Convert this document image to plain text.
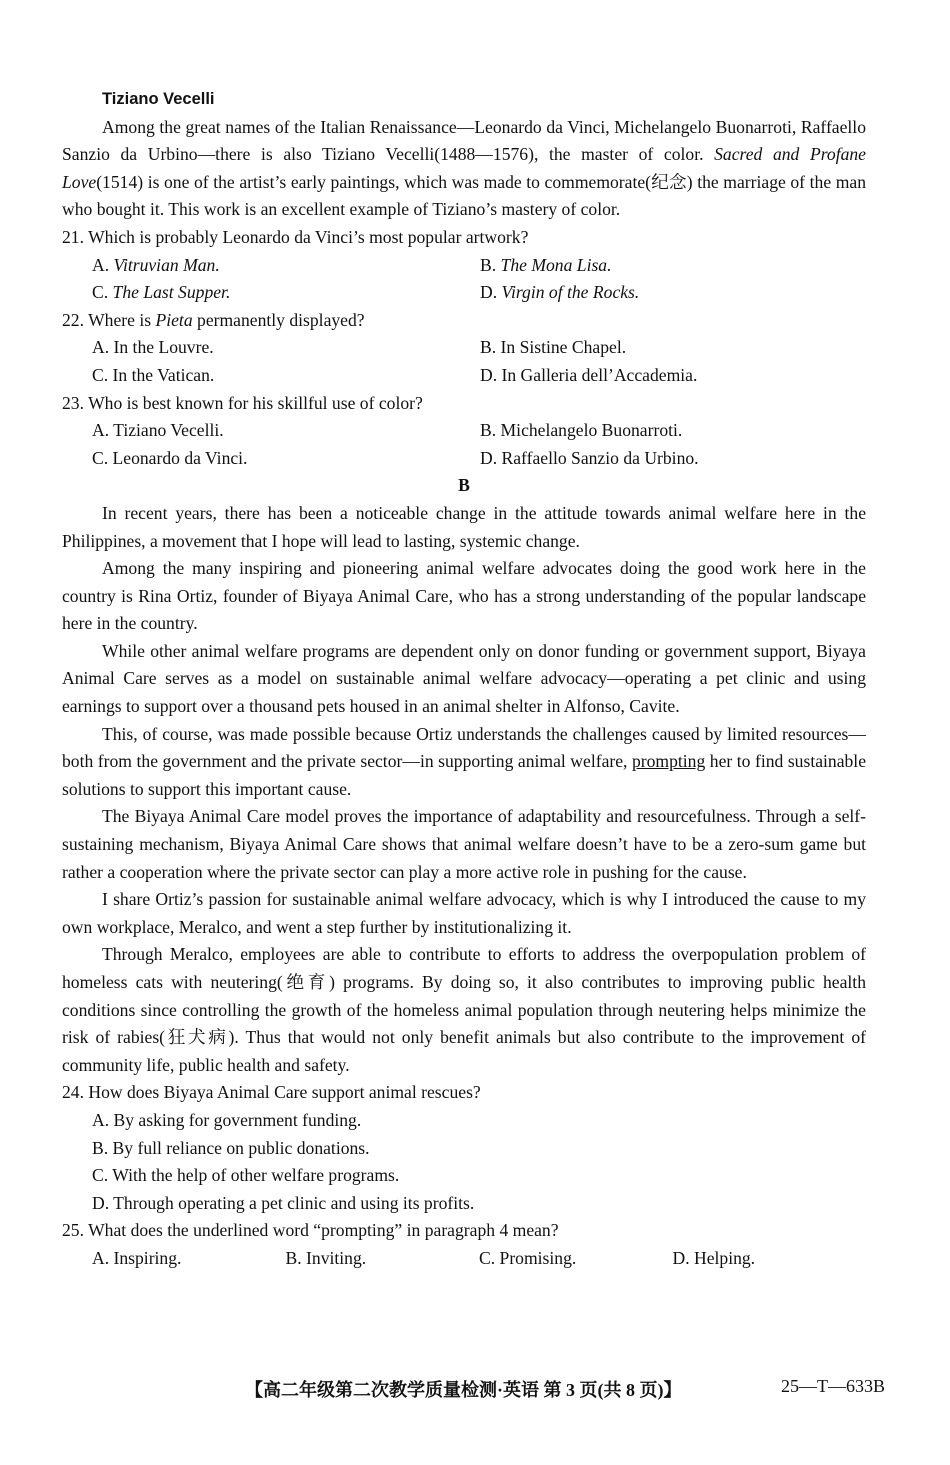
Tiziano Vecelli

Among the great names of the Italian Renaissance—Leonardo da Vinci, Michelangelo Buonarroti, Raffaello Sanzio da Urbino—there is also Tiziano Vecelli(1488—1576), the master of color. Sacred and Profane Love(1514) is one of the artist’s early paintings, which was made to commemorate(纪念) the marriage of the man who bought it. This work is an excellent example of Tiziano’s mastery of color.

21. Which is probably Leonardo da Vinci’s most popular artwork?
A. Vitruvian Man.	B. The Mona Lisa.
C. The Last Supper.	D. Virgin of the Rocks.
22. Where is Pieta permanently displayed?
A. In the Louvre.	B. In Sistine Chapel.
C. In the Vatican.	D. In Galleria dell’Accademia.
23. Who is best known for his skillful use of color?
A. Tiziano Vecelli.	B. Michelangelo Buonarroti.
C. Leonardo da Vinci.	D. Raffaello Sanzio da Urbino.
B

In recent years, there has been a noticeable change in the attitude towards animal welfare here in the Philippines, a movement that I hope will lead to lasting, systemic change.

Among the many inspiring and pioneering animal welfare advocates doing the good work here in the country is Rina Ortiz, founder of Biyaya Animal Care, who has a strong understanding of the popular landscape here in the country.

While other animal welfare programs are dependent only on donor funding or government support, Biyaya Animal Care serves as a model on sustainable animal welfare advocacy—operating a pet clinic and using earnings to support over a thousand pets housed in an animal shelter in Alfonso, Cavite.

This, of course, was made possible because Ortiz understands the challenges caused by limited resources—both from the government and the private sector—in supporting animal welfare, prompting her to find sustainable solutions to support this important cause.

The Biyaya Animal Care model proves the importance of adaptability and resourcefulness. Through a self-sustaining mechanism, Biyaya Animal Care shows that animal welfare doesn’t have to be a zero-sum game but rather a cooperation where the private sector can play a more active role in pushing for the cause.

I share Ortiz’s passion for sustainable animal welfare advocacy, which is why I introduced the cause to my own workplace, Meralco, and went a step further by institutionalizing it.

Through Meralco, employees are able to contribute to efforts to address the overpopulation problem of homeless cats with neutering(绝育) programs. By doing so, it also contributes to improving public health conditions since controlling the growth of the homeless animal population through neutering helps minimize the risk of rabies(狂犬病). Thus that would not only benefit animals but also contribute to the improvement of community life, public health and safety.

24. How does Biyaya Animal Care support animal rescues?
A. By asking for government funding.
B. By full reliance on public donations.
C. With the help of other welfare programs.
D. Through operating a pet clinic and using its profits.
25. What does the underlined word “prompting” in paragraph 4 mean?
A. Inspiring.	B. Inviting.	C. Promising.	D. Helping.
【高二年级第二次教学质量检测·英语 第 3 页(共 8 页)】	25—T—633B
